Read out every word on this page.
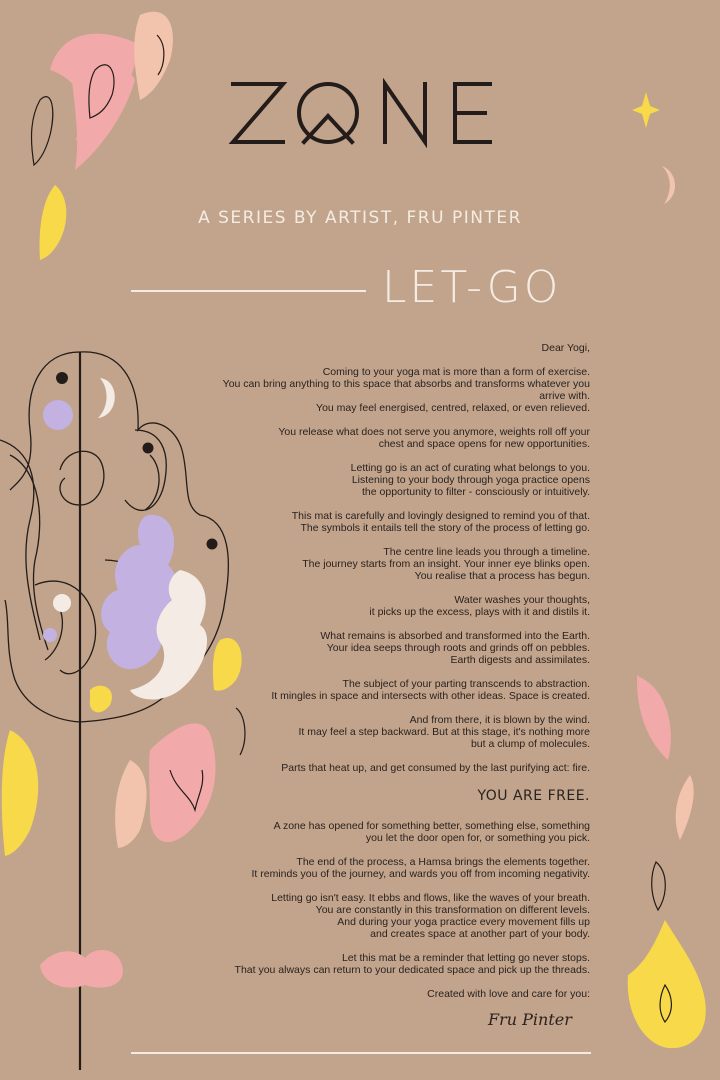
A SERIES BY ARTIST, FRU PINTER
LET-GO

Dear Yogi,

Coming to your yoga mat is more than a form of exercise.
You can bring anything to this space that absorbs and transforms whatever you arrive with.
You may feel energised, centred, relaxed, or even relieved.

You release what does not serve you anymore, weights roll off your
chest and space opens for new opportunities.

Letting go is an act of curating what belongs to you.
Listening to your body through yoga practice opens
the opportunity to filter - consciously or intuitively.

This mat is carefully and lovingly designed to remind you of that.
The symbols it entails tell the story of the process of letting go.

The centre line leads you through a timeline.
The journey starts from an insight. Your inner eye blinks open.
You realise that a process has begun.

Water washes your thoughts,
it picks up the excess, plays with it and distils it.

What remains is absorbed and transformed into the Earth.
Your idea seeps through roots and grinds off on pebbles.
Earth digests and assimilates.

The subject of your parting transcends to abstraction.
It mingles in space and intersects with other ideas. Space is created.

And from there, it is blown by the wind.
It may feel a step backward. But at this stage, it's nothing more
but a clump of molecules.

Parts that heat up, and get consumed by the last purifying act: fire.

YOU ARE FREE.

A zone has opened for something better, something else, something
you let the door open for, or something you pick.

The end of the process, a Hamsa brings the elements together.
It reminds you of the journey, and wards you off from incoming negativity.

Letting go isn't easy. It ebbs and flows, like the waves of your breath.
You are constantly in this transformation on different levels.
And during your yoga practice every movement fills up
and creates space at another part of your body.

Let this mat be a reminder that letting go never stops.
That you always can return to your dedicated space and pick up the threads.

Created with love and care for you:

Fru Pinter
